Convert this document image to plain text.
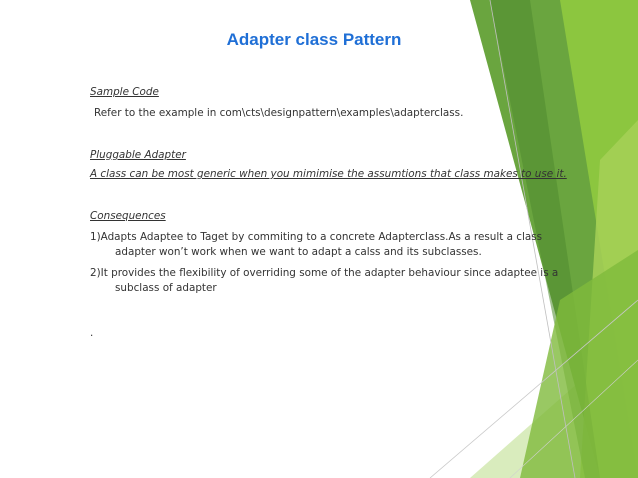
Adapter class Pattern
Sample Code
Refer to the example in com\cts\designpattern\examples\adapterclass.
Pluggable Adapter
A class can be most generic when you mimimise the assumtions that class makes to use it.
Consequences
1)Adapts Adaptee to Taget by commiting to a concrete Adapterclass.As a result a class adapter won’t work when we want to adapt a calss and its subclasses.
2)It provides the flexibility of overriding some of the adapter behaviour since adaptee is a subclass of adapter
.
